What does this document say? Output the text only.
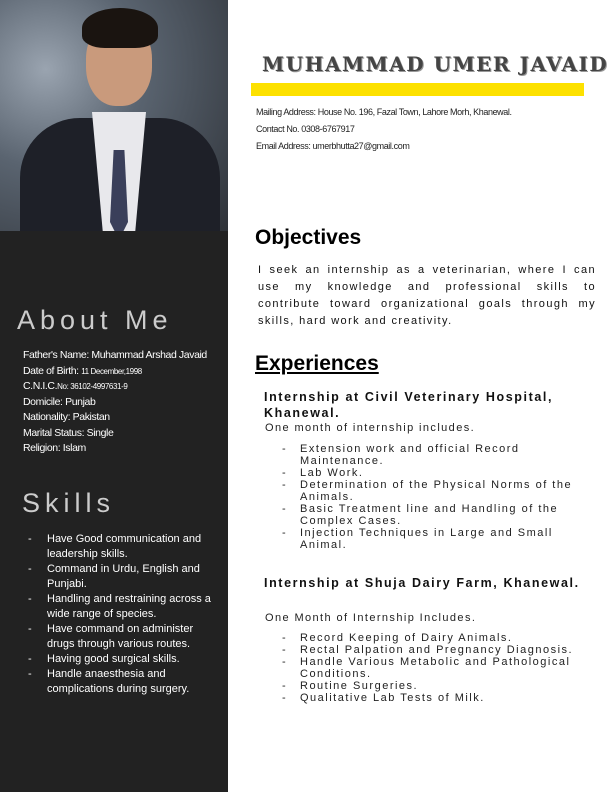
About Me
Father's Name: Muhammad Arshad Javaid
Date of Birth: 11 December,1998
C.N.I.C.No: 36102-4997631-9
Domicile: Punjab
Nationality: Pakistan
Marital Status: Single
Religion: Islam
Skills
- Have Good communication and leadership skills.
- Command in Urdu, English and Punjabi.
- Handling and restraining across a wide range of species.
- Have command on administer drugs through various routes.
- Having good surgical skills.
- Handle anaesthesia and complications during surgery.
MUHAMMAD UMER JAVAID
Mailing Address: House No. 196, Fazal Town, Lahore Morh, Khanewal.
Contact No. 0308-6767917
Email Address: umerbhutta27@gmail.com
Objectives
I seek an internship as a veterinarian, where I can use my knowledge and professional skills to contribute toward organizational goals through my skills, hard work and creativity.
Experiences
Internship at Civil Veterinary Hospital, Khanewal.
One month of internship includes.
- Extension work and official Record Maintenance.
- Lab Work.
- Determination of the Physical Norms of the Animals.
- Basic Treatment line and Handling of the Complex Cases.
- Injection Techniques in Large and Small Animal.
Internship at Shuja Dairy Farm, Khanewal.
One Month of Internship Includes.
- Record Keeping of Dairy Animals.
- Rectal Palpation and Pregnancy Diagnosis.
- Handle Various Metabolic and Pathological Conditions.
- Routine Surgeries.
- Qualitative Lab Tests of Milk.
